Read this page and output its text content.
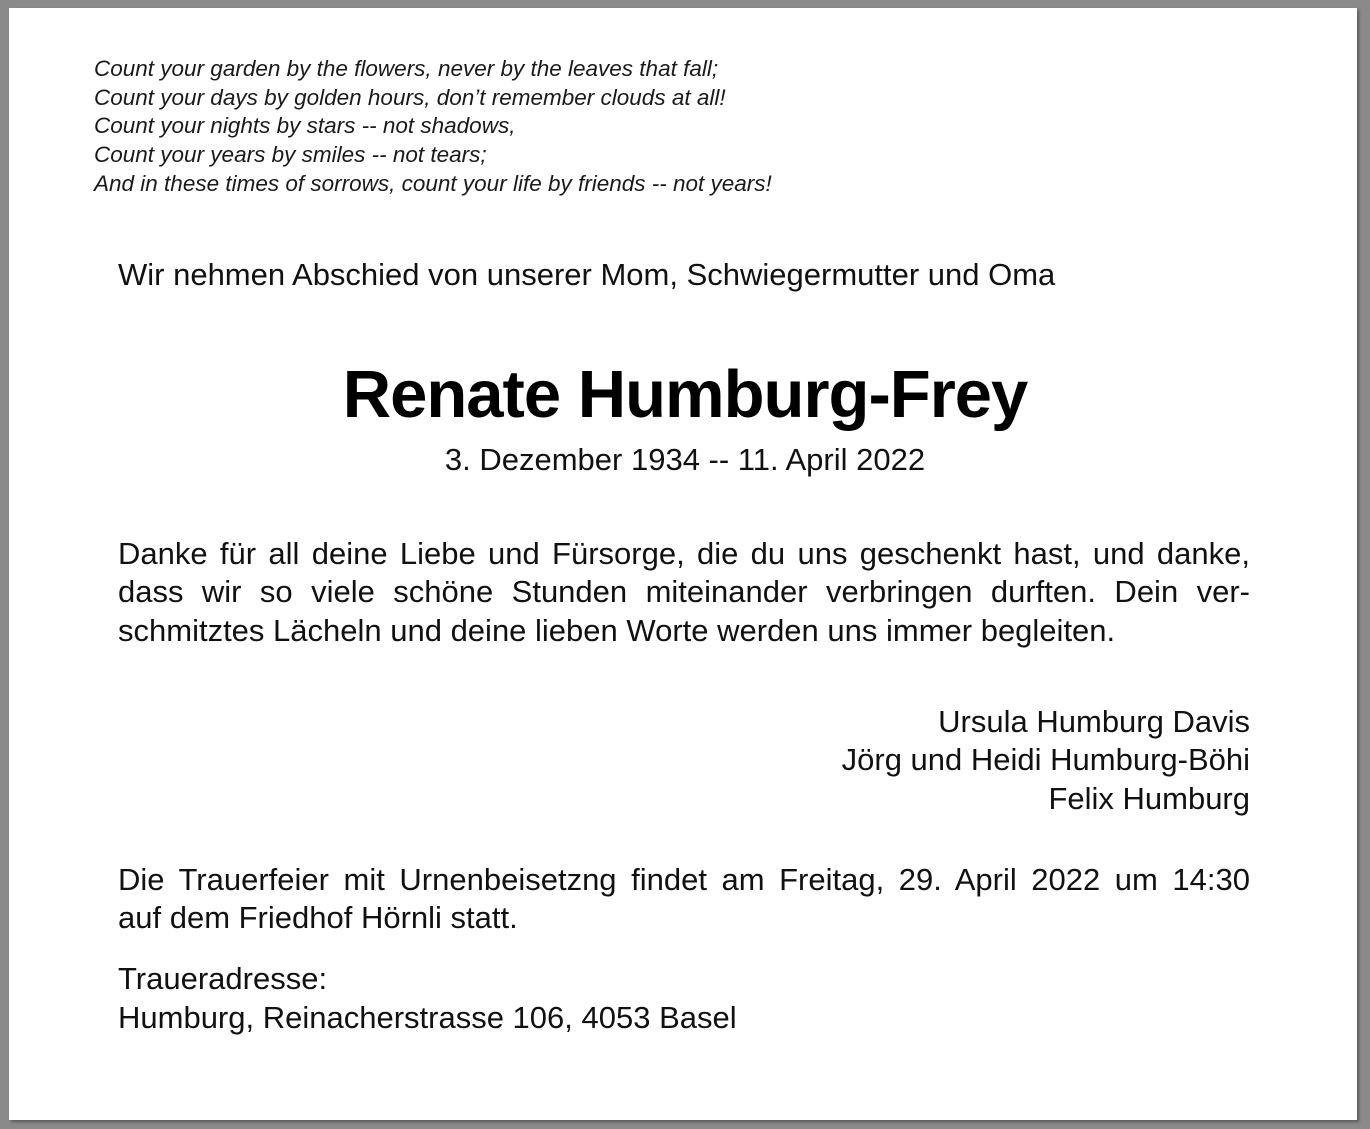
Count your garden by the flowers, never by the leaves that fall;
Count your days by golden hours, don’t remember clouds at all!
Count your nights by stars -- not shadows,
Count your years by smiles -- not tears;
And in these times of sorrows, count your life by friends -- not years!
Wir nehmen Abschied von unserer Mom, Schwiegermutter und Oma
Renate Humburg-Frey
3. Dezember 1934 -- 11. April 2022
Danke für all deine Liebe und Fürsorge, die du uns geschenkt hast, und danke,
dass wir so viele schöne Stunden miteinander verbringen durften. Dein ver-
schmitztes Lächeln und deine lieben Worte werden uns immer begleiten.
Ursula Humburg Davis
Jörg und Heidi Humburg-Böhi
Felix Humburg
Die Trauerfeier mit Urnenbeisetzng findet am Freitag, 29. April 2022 um 14:30
auf dem Friedhof Hörnli statt.
Traueradresse:
Humburg, Reinacherstrasse 106, 4053 Basel
